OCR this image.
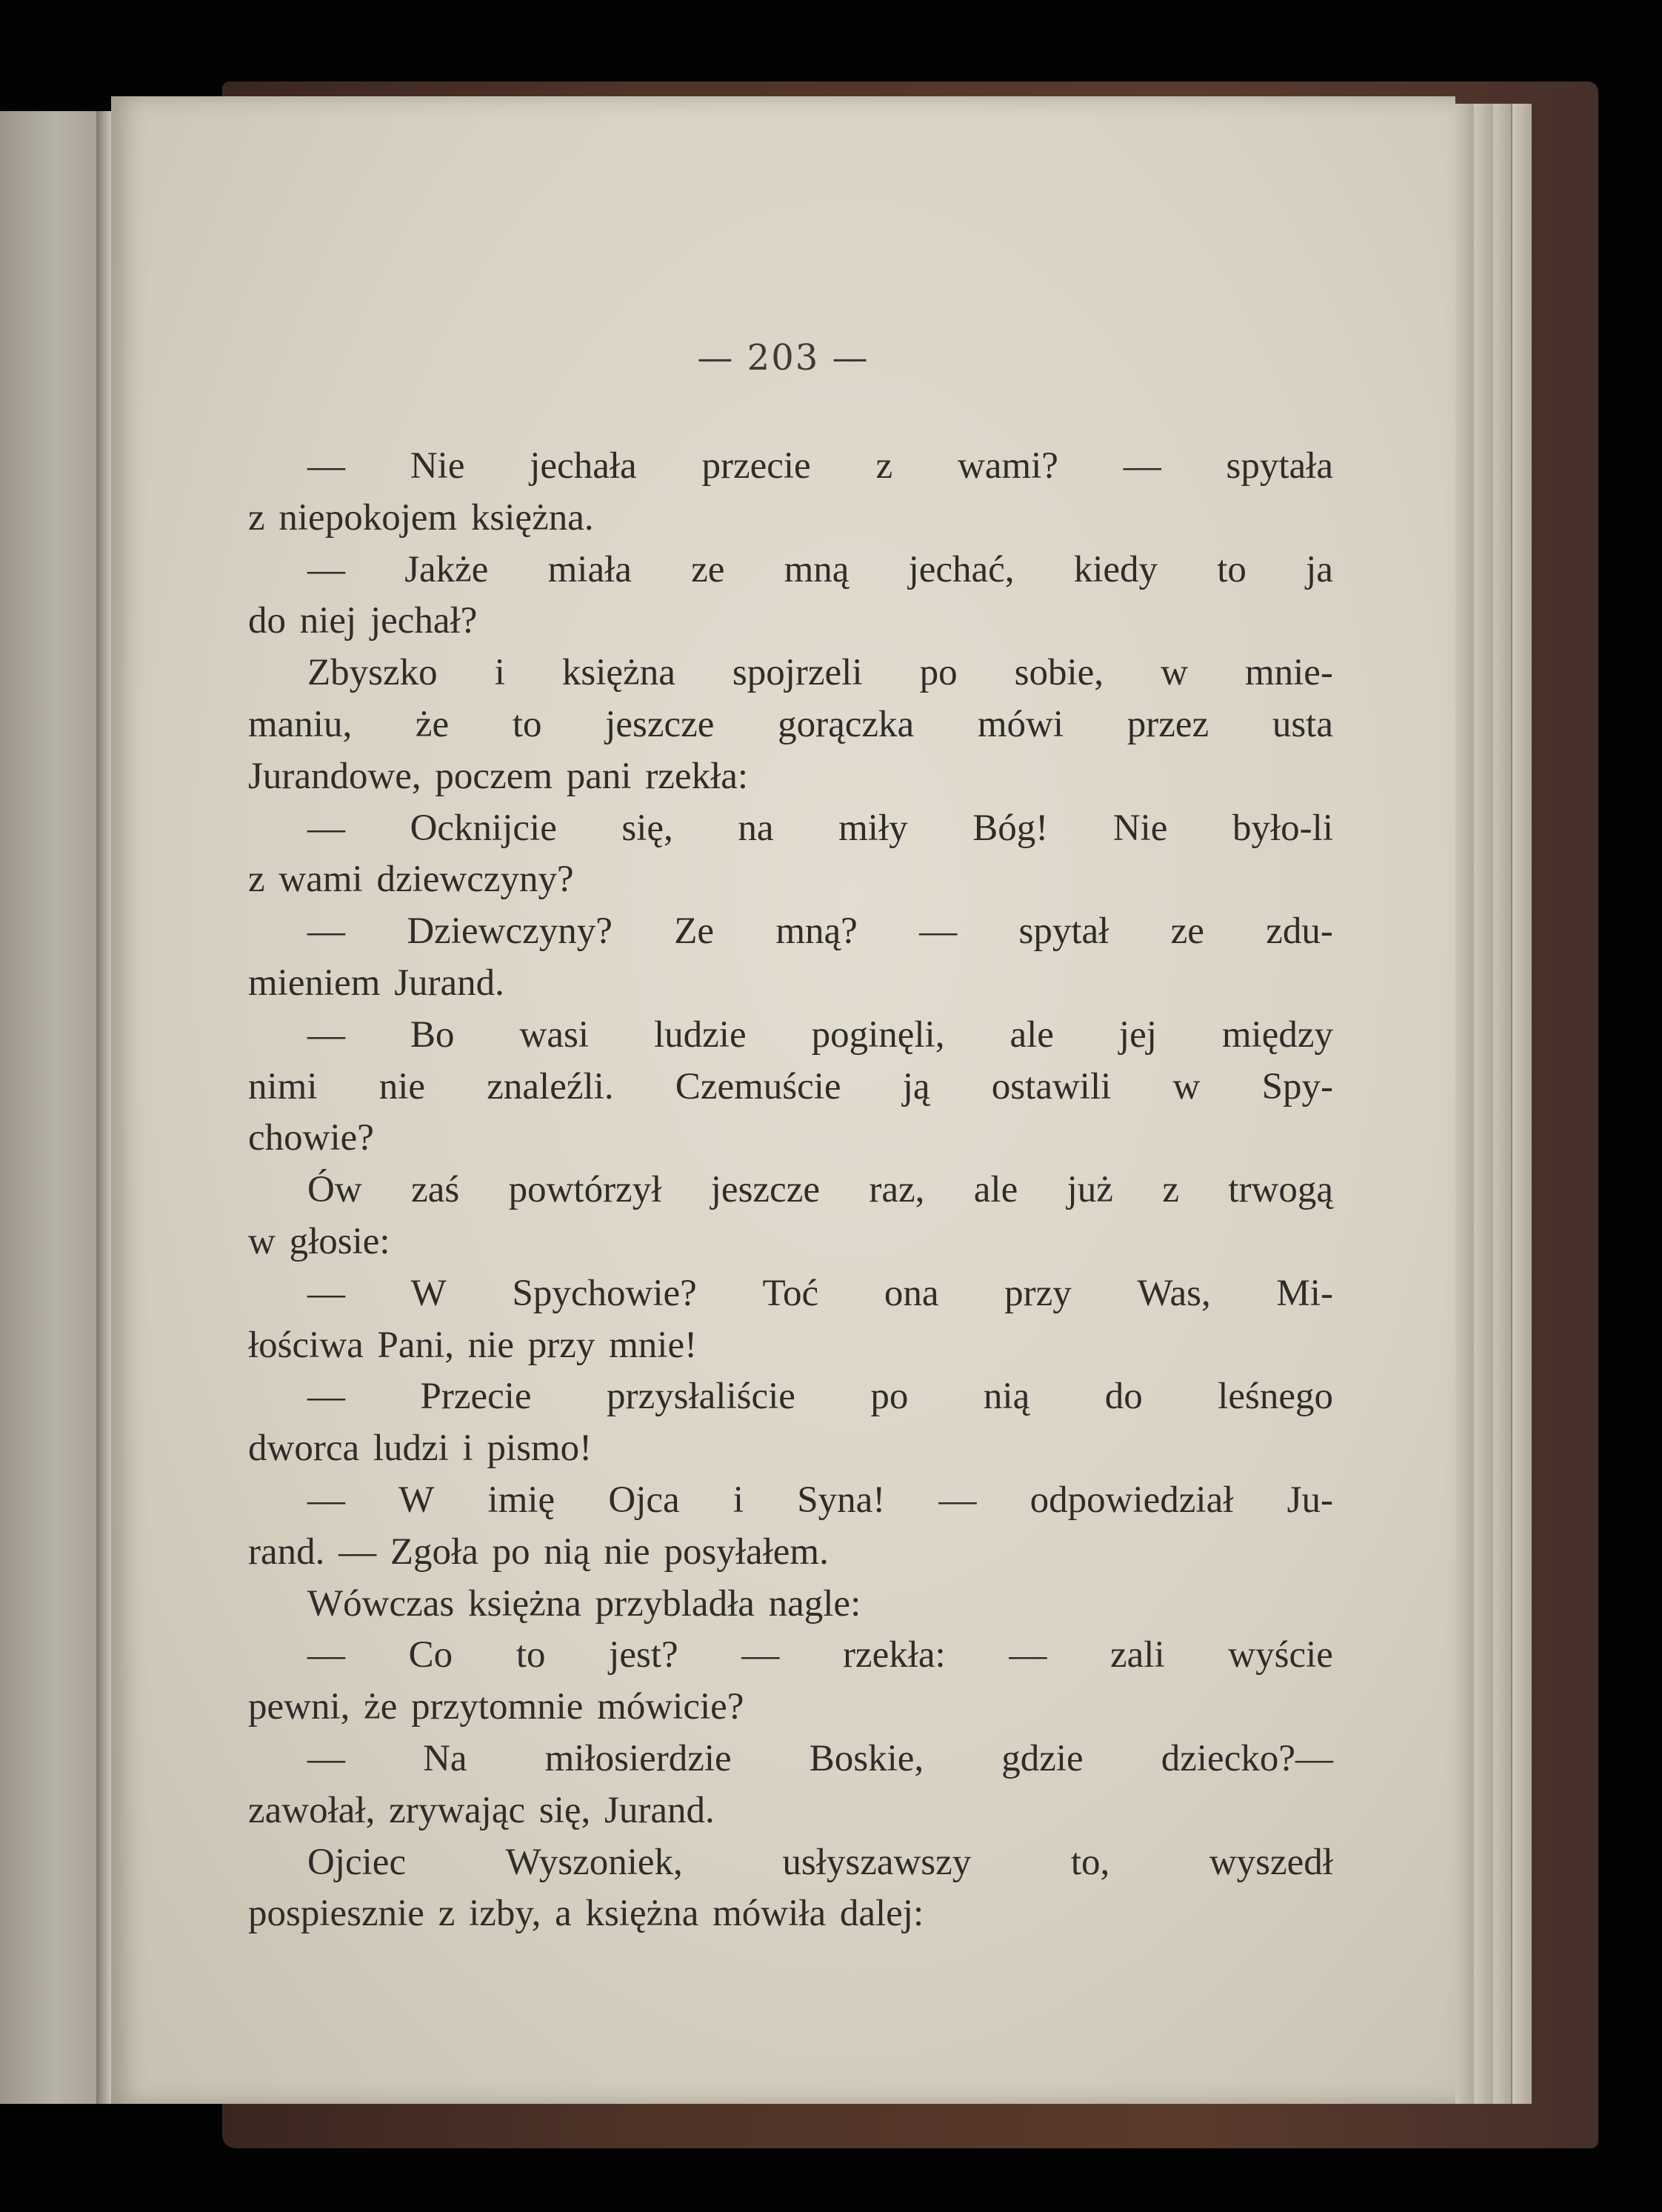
— 203 —
— Nie jechała przecie z wami? — spytała
z niepokojem księżna.
— Jakże miała ze mną jechać, kiedy to ja
do niej jechał?
Zbyszko i księżna spojrzeli po sobie, w mnie-
maniu, że to jeszcze gorączka mówi przez usta
Jurandowe, poczem pani rzekła:
— Ocknijcie się, na miły Bóg! Nie było-li
z wami dziewczyny?
— Dziewczyny? Ze mną? — spytał ze zdu-
mieniem Jurand.
— Bo wasi ludzie poginęli, ale jej między
nimi nie znaleźli. Czemuście ją ostawili w Spy-
chowie?
Ów zaś powtórzył jeszcze raz, ale już z trwogą
w głosie:
— W Spychowie? Toć ona przy Was, Mi-
łościwa Pani, nie przy mnie!
— Przecie przysłaliście po nią do leśnego
dworca ludzi i pismo!
— W imię Ojca i Syna! — odpowiedział Ju-
rand. — Zgoła po nią nie posyłałem.
Wówczas księżna przybladła nagle:
— Co to jest? — rzekła: — zali wyście
pewni, że przytomnie mówicie?
— Na miłosierdzie Boskie, gdzie dziecko?—
zawołał, zrywając się, Jurand.
Ojciec	Wyszoniek,	usłyszawszy	to,	wyszedł
pospiesznie z izby, a księżna mówiła dalej:
